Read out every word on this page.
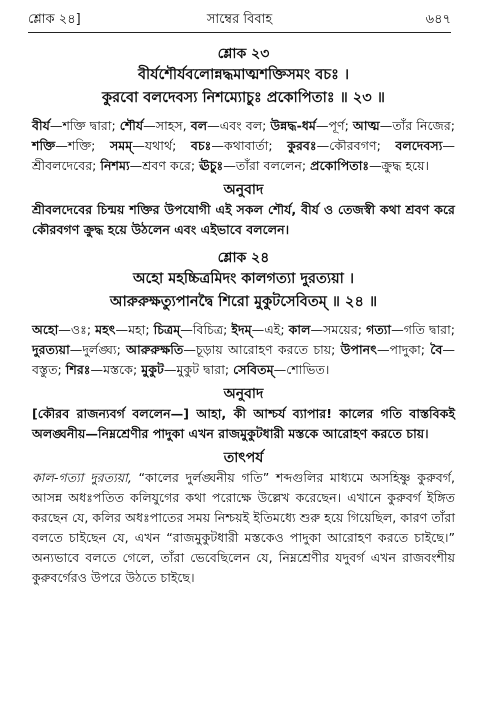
শ্লোক ২৪]	সাম্বের বিবাহ	৬৪৭

শ্লোক ২৩

বীর্যশৌর্যবলোন্নদ্ধমাত্মশক্তিসমং বচঃ ।

কুরবো বলদেবস্য নিশম্যোচুঃ প্রকোপিতাঃ ॥ ২৩ ॥

বীর্য—শক্তি দ্বারা; শৌর্য—সাহস, বল—এবং বল; উন্নদ্ধ-ধর্ম—পূর্ণ; আত্ম—তাঁর নিজের; শক্তি—শক্তি; সমম্—যথার্থ; বচঃ—কথাবার্তা; কুরবঃ—কৌরবগণ; বলদেবস্য—শ্রীবলদেবের; নিশম্য—শ্রবণ করে; ঊচুঃ—তাঁরা বললেন; প্রকোপিতাঃ—ক্রুদ্ধ হয়ে।

অনুবাদ

শ্রীবলদেবের চিন্ময় শক্তির উপযোগী এই সকল শৌর্য, বীর্য ও তেজস্বী কথা শ্রবণ করে কৌরবগণ ক্রুদ্ধ হয়ে উঠলেন এবং এইভাবে বললেন।

শ্লোক ২৪

অহো মহচ্চিত্রমিদং কালগত্যা দুরত্যয়া ।

আরুরুক্ষত্যুপানদ্বৈ শিরো মুকুটসেবিতম্ ॥ ২৪ ॥

অহো—ওঃ; মহৎ—মহা; চিত্রম্—বিচিত্র; ইদম্—এই; কাল—সময়ের; গত্যা—গতি দ্বারা; দুরত্যয়া—দুর্লঙ্ঘ্য; আরুরুক্ষতি—চূড়ায় আরোহণ করতে চায়; উপানৎ—পাদুকা; বৈ—বস্তুত; শিরঃ—মস্তকে; মুকুট—মুকুট দ্বারা; সেবিতম্—শোভিত।

অনুবাদ

[কৌরব রাজন্যবর্গ বললেন—] আহা, কী আশ্চর্য ব্যাপার! কালের গতি বাস্তবিকই অলঙ্ঘনীয়—নিম্নশ্রেণীর পাদুকা এখন রাজমুকুটধারী মস্তকে আরোহণ করতে চায়।

তাৎপর্য

কাল-গত্যা দুরত্যয়া, “কালের দুর্লঙ্ঘনীয় গতি” শব্দগুলির মাধ্যমে অসহিষ্ণু কুরুবর্গ, আসন্ন অধঃপতিত কলিযুগের কথা পরোক্ষে উল্লেখ করেছেন। এখানে কুরুবর্গ ইঙ্গিত করছেন যে, কলির অধঃপাতের সময় নিশ্চয়ই ইতিমধ্যে শুরু হয়ে গিয়েছিল, কারণ তাঁরা বলতে চাইছেন যে, এখন “রাজমুকুটধারী মস্তকেও পাদুকা আরোহণ করতে চাইছে।” অন্যভাবে বলতে গেলে, তাঁরা ভেবেছিলেন যে, নিম্নশ্রেণীর যদুবর্গ এখন রাজবংশীয় কুরুবর্গেরও উপরে উঠতে চাইছে।
